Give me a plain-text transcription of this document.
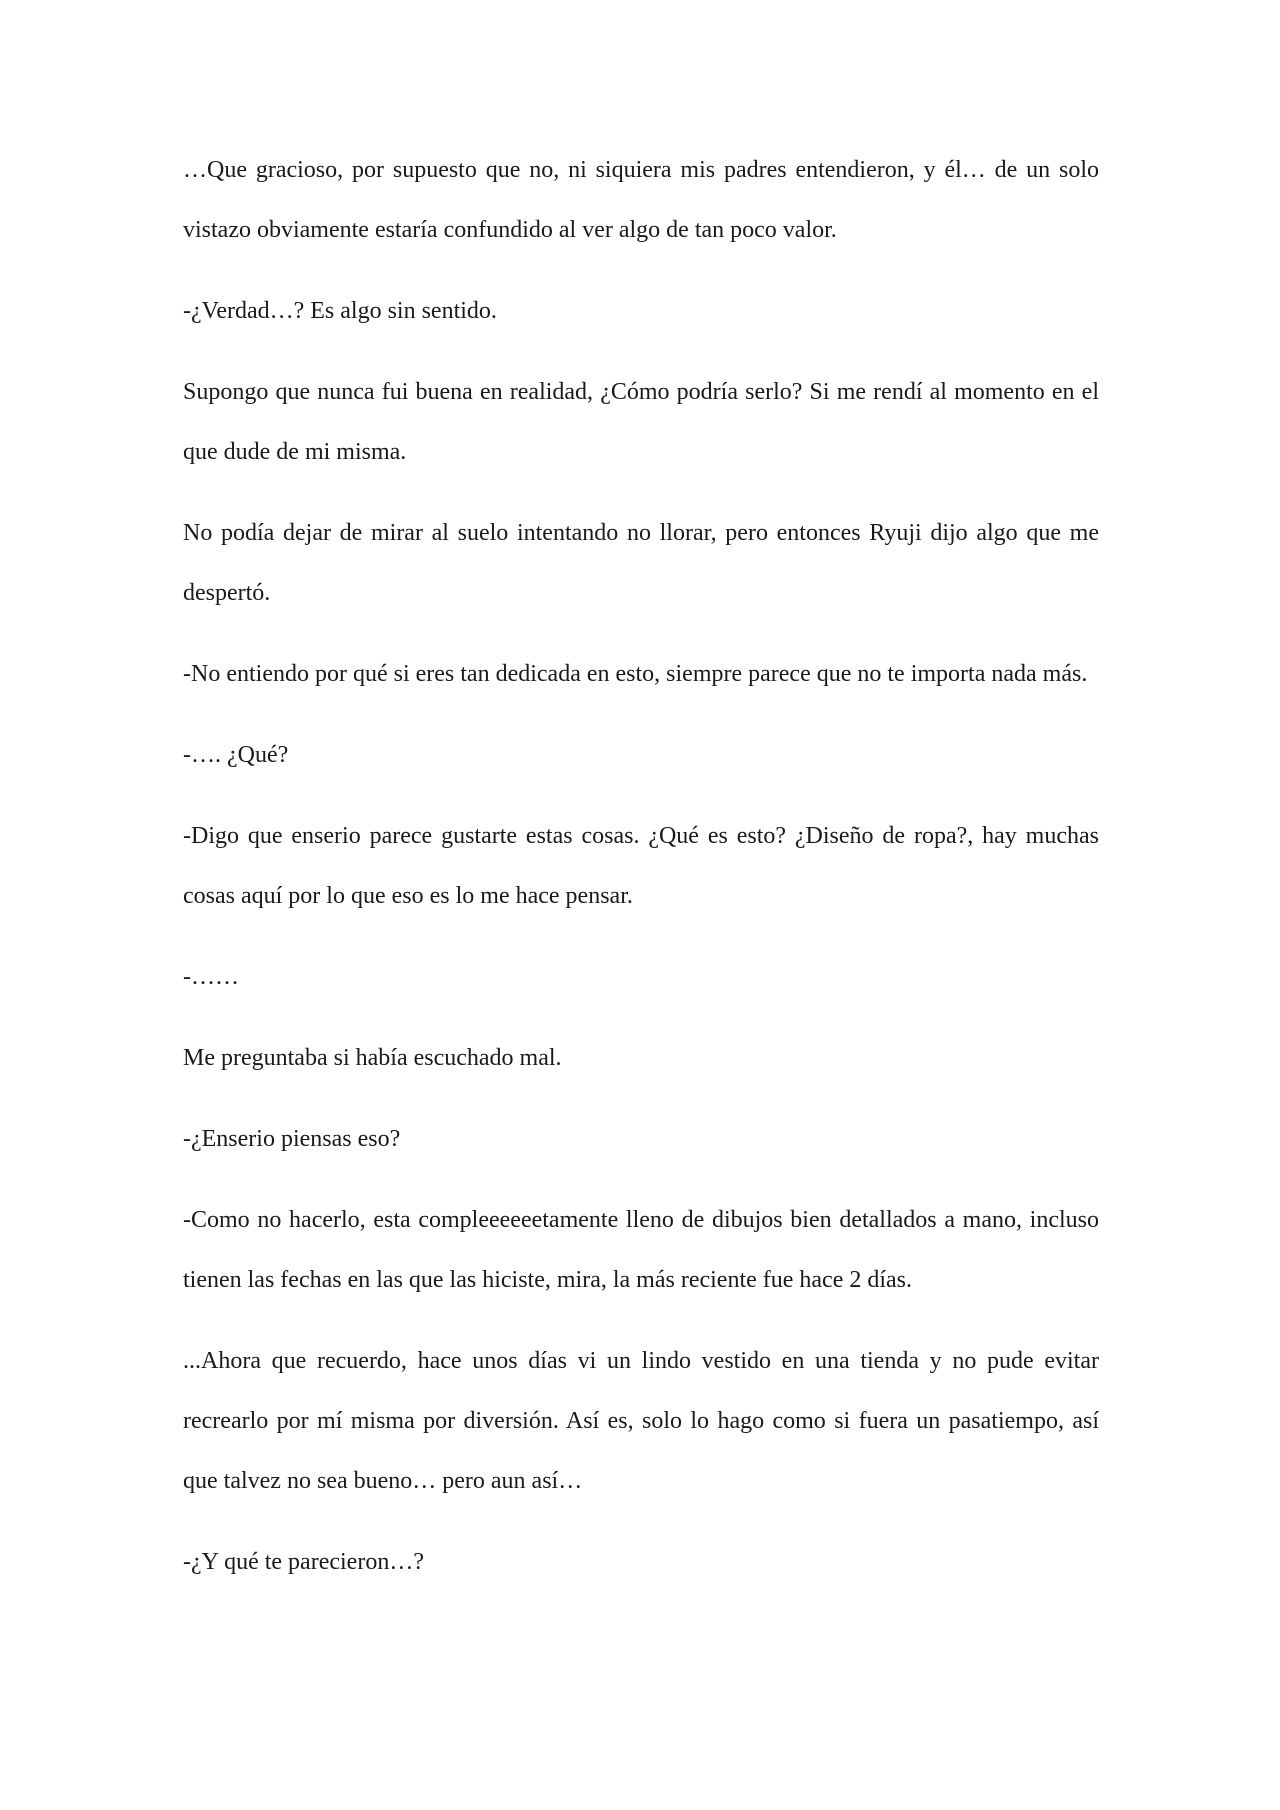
…Que gracioso, por supuesto que no, ni siquiera mis padres entendieron, y él… de un solo vistazo obviamente estaría confundido al ver algo de tan poco valor.

-¿Verdad…? Es algo sin sentido.

Supongo que nunca fui buena en realidad, ¿Cómo podría serlo? Si me rendí al momento en el que dude de mi misma.

No podía dejar de mirar al suelo intentando no llorar, pero entonces Ryuji dijo algo que me despertó.

-No entiendo por qué si eres tan dedicada en esto, siempre parece que no te importa nada más.

-…. ¿Qué?

-Digo que enserio parece gustarte estas cosas. ¿Qué es esto? ¿Diseño de ropa?, hay muchas cosas aquí por lo que eso es lo me hace pensar.

-……

Me preguntaba si había escuchado mal.

-¿Enserio piensas eso?

-Como no hacerlo, esta compleeeeeetamente lleno de dibujos bien detallados a mano, incluso tienen las fechas en las que las hiciste, mira, la más reciente fue hace 2 días.

...Ahora que recuerdo, hace unos días vi un lindo vestido en una tienda y no pude evitar recrearlo por mí misma por diversión. Así es, solo lo hago como si fuera un pasatiempo, así que talvez no sea bueno… pero aun así…

-¿Y qué te parecieron…?
